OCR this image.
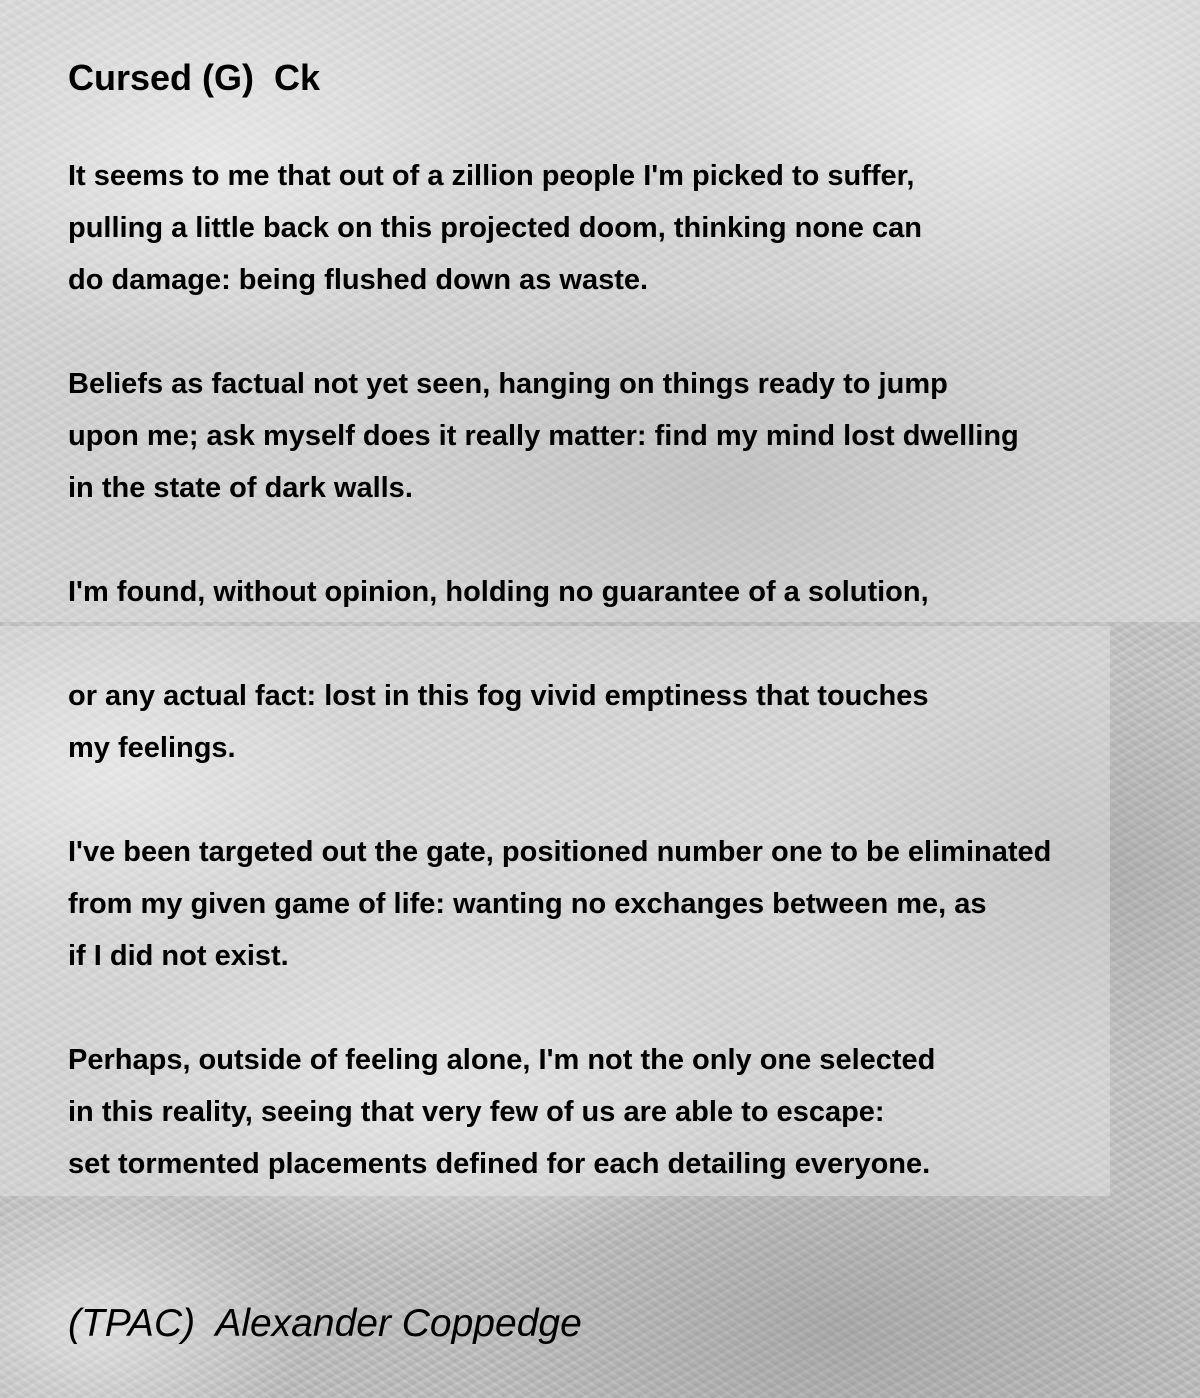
Cursed (G)  Ck
It seems to me that out of a zillion people I'm picked to suffer,
pulling a little back on this projected doom, thinking none can
do damage: being flushed down as waste.
Beliefs as factual not yet seen, hanging on things ready to jump
upon me; ask myself does it really matter: find my mind lost dwelling
in the state of dark walls.
I'm found, without opinion, holding no guarantee of a solution,
or any actual fact: lost in this fog vivid emptiness that touches
my feelings.
I've been targeted out the gate, positioned number one to be eliminated
from my given game of life: wanting no exchanges between me, as
if I did not exist.
Perhaps, outside of feeling alone, I'm not the only one selected
in this reality, seeing that very few of us are able to escape:
set tormented placements defined for each detailing everyone.

(TPAC)  Alexander Coppedge
